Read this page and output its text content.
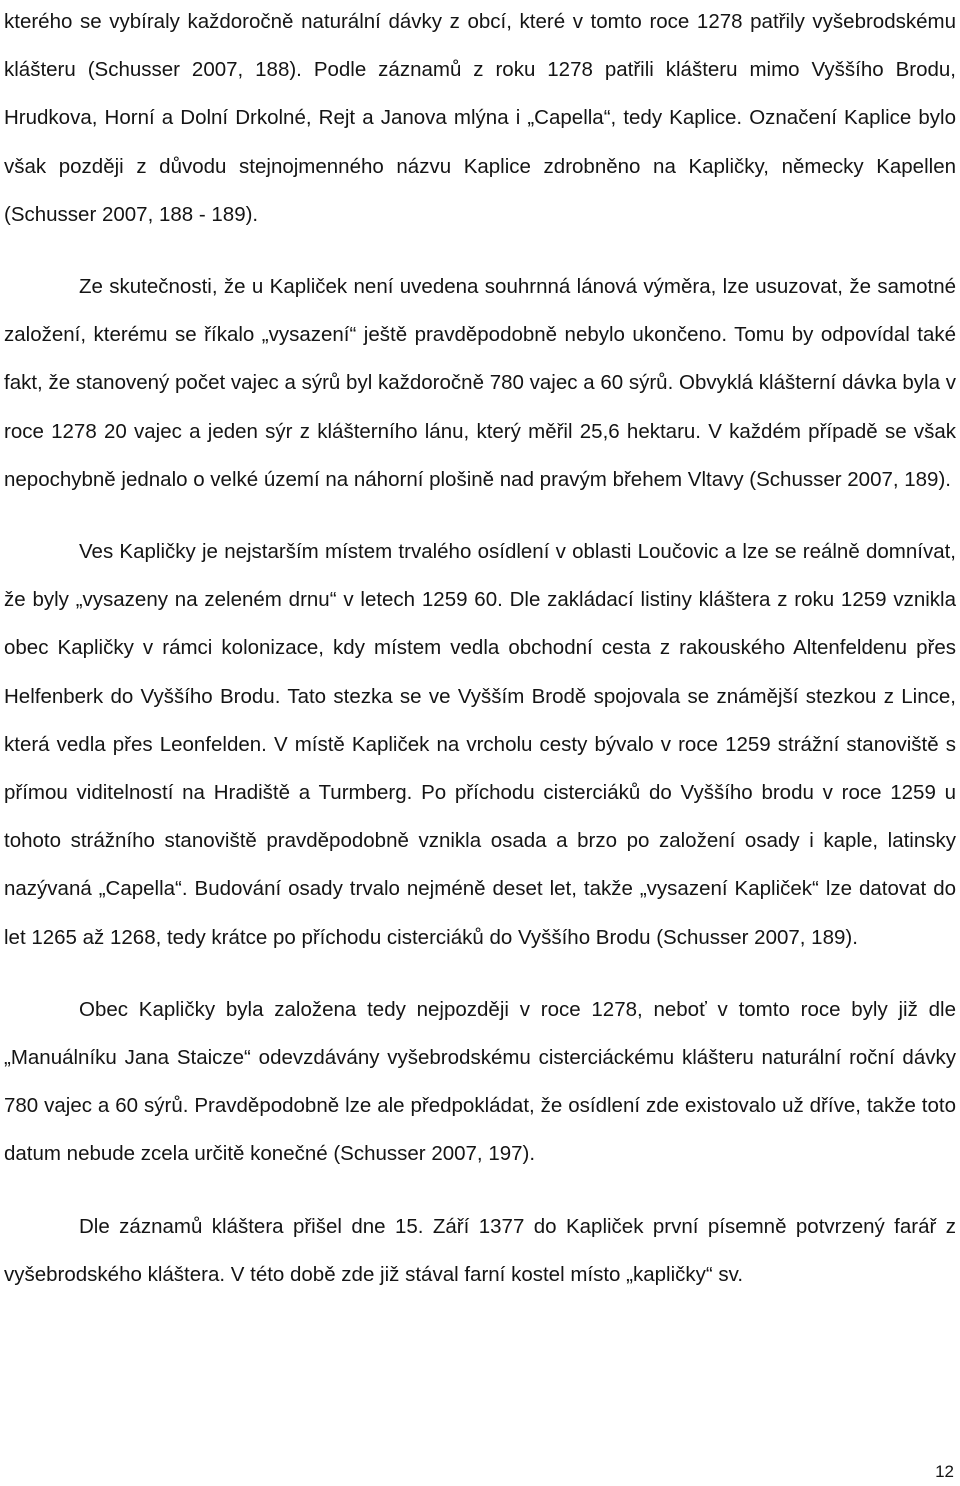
kterého se vybíraly každoročně naturální dávky z obcí, které v tomto roce 1278 patřily vyšebrodskému klášteru (Schusser 2007, 188). Podle záznamů z roku 1278 patřili klášteru mimo Vyššího Brodu, Hrudkova, Horní a Dolní Drkolné, Rejt a Janova mlýna i „Capella“, tedy Kaplice. Označení Kaplice bylo však později z důvodu stejnojmenného názvu Kaplice zdrobněno na Kapličky, německy Kapellen (Schusser 2007, 188 - 189).

Ze skutečnosti, že u Kapliček není uvedena souhrnná lánová výměra, lze usuzovat, že samotné založení, kterému se říkalo „vysazení“ ještě pravděpodobně nebylo ukončeno. Tomu by odpovídal také fakt, že stanovený počet vajec a sýrů byl každoročně 780 vajec a 60 sýrů. Obvyklá klášterní dávka byla v roce 1278 20 vajec a jeden sýr z klášterního lánu, který měřil 25,6 hektaru. V každém případě se však nepochybně jednalo o velké území na náhorní plošině nad pravým břehem Vltavy (Schusser 2007, 189).

Ves Kapličky je nejstarším místem trvalého osídlení v oblasti Loučovic a lze se reálně domnívat, že byly „vysazeny na zeleném drnu“ v letech 1259 60. Dle zakládací listiny kláštera z roku 1259 vznikla obec Kapličky v rámci kolonizace, kdy místem vedla obchodní cesta z rakouského Altenfeldenu přes Helfenberk do Vyššího Brodu. Tato stezka se ve Vyšším Brodě spojovala se známější stezkou z Lince, která vedla přes Leonfelden. V místě Kapliček na vrcholu cesty bývalo v roce 1259 strážní stanoviště s přímou viditelností na Hradiště a Turmberg. Po příchodu cisterciáků do Vyššího brodu v roce 1259 u tohoto strážního stanoviště pravděpodobně vznikla osada a brzo po založení osady i kaple, latinsky nazývaná „Capella“. Budování osady trvalo nejméně deset let, takže „vysazení Kapliček“ lze datovat do let 1265 až 1268, tedy krátce po příchodu cisterciáků do Vyššího Brodu (Schusser 2007, 189).

Obec Kapličky byla založena tedy nejpozději v roce 1278, neboť v tomto roce byly již dle „Manuálníku Jana Staicze“ odevzdávány vyšebrodskému cisterciáckému klášteru naturální roční dávky 780 vajec a 60 sýrů. Pravděpodobně lze ale předpokládat, že osídlení zde existovalo už dříve, takže toto datum nebude zcela určitě konečné (Schusser 2007, 197).

Dle záznamů kláštera přišel dne 15. Září 1377 do Kapliček první písemně potvrzený farář z vyšebrodského kláštera. V této době zde již stával farní kostel místo „kapličky“ sv.

12
